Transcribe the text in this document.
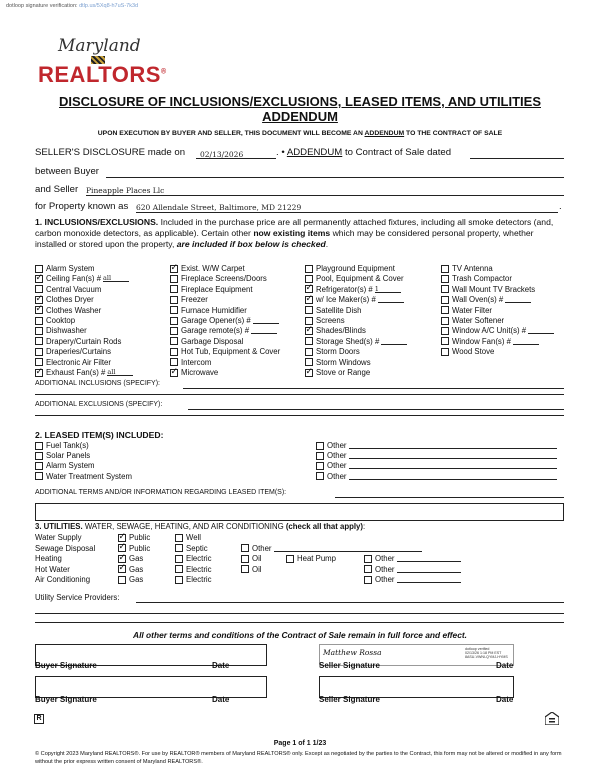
dotloop signature verification: dtlp.us/5Xq8-h7uS-7k3d
Maryland
REALTORS®
DISCLOSURE OF INCLUSIONS/EXCLUSIONS, LEASED ITEMS, AND UTILITIES ADDENDUM
UPON EXECUTION BY BUYER AND SELLER, THIS DOCUMENT WILL BECOME AN ADDENDUM TO THE CONTRACT OF SALE
SELLER'S DISCLOSURE made on 02/13/2026	. • ADDENDUM to Contract of Sale dated
between Buyer
and Seller Pineapple Places Llc
for Property known as 620 Allendale Street, Baltimore, MD 21229	.
1. INCLUSIONS/EXCLUSIONS. Included in the purchase price are all permanently attached fixtures, including all smoke detectors (and, carbon monoxide detectors, as applicable). Certain other now existing items which may be considered personal property, whether installed or stored upon the property, are included if box below is checked.
Alarm System
✓
Ceiling Fan(s) # all
Central Vacuum
✓
Clothes Dryer
✓
Clothes Washer
Cooktop
Dishwasher
Drapery/Curtain Rods
Draperies/Curtains
Electronic Air Filter
✓
Exhaust Fan(s) # all
✓
Exist. W/W Carpet
Fireplace Screens/Doors
Fireplace Equipment
Freezer
Furnace Humidifier
Garage Opener(s) #
Garage remote(s) #
Garbage Disposal
Hot Tub, Equipment & Cover
Intercom
✓
Microwave
Playground Equipment
Pool, Equipment & Cover
✓
Refrigerator(s) # 1
✓
w/ Ice Maker(s) #
Satellite Dish
Screens
✓
Shades/Blinds
Storage Shed(s) #
Storm Doors
Storm Windows
✓
Stove or Range
TV Antenna
Trash Compactor
Wall Mount TV Brackets
Wall Oven(s) #
Water Filter
Water Softener
Window A/C Unit(s) #
Window Fan(s) #
Wood Stove
ADDITIONAL INCLUSIONS (SPECIFY):
ADDITIONAL EXCLUSIONS (SPECIFY):
2. LEASED ITEM(S) INCLUDED:
Fuel Tank(s)
Solar Panels
Alarm System
Water Treatment System
Other
Other
Other
Other
ADDITIONAL TERMS AND/OR INFORMATION REGARDING LEASED ITEM(S):
3. UTILITIES. WATER, SEWAGE, HEATING, AND AIR CONDITIONING (check all that apply):
Water Supply ✓	Public	Well
Sewage Disposal ✓	Public	Septic	Other
Heating ✓	Gas	Electric	Oil	Heat Pump	Other
Hot Water ✓	Gas	Electric	Oil	Other
Air Conditioning	Gas	Electric	Other
Utility Service Providers:
All other terms and conditions of the Contract of Sale remain in full force and effect.
Buyer Signature	Date
Matthew Rossa	dotloop verified
02/13/26 1:18 PM EST
8ASU-VWNI-QYMJ-HYMS
Seller Signature	Date
Buyer Signature	Date	Seller Signature	Date
R
Page 1 of 1 1/23
© Copyright 2023 Maryland REALTORS®. For use by REALTOR® members of Maryland REALTORS® only. Except as negotiated by the parties to the Contract, this form may not be altered or modified in any form without the prior express written consent of Maryland REALTORS®.
